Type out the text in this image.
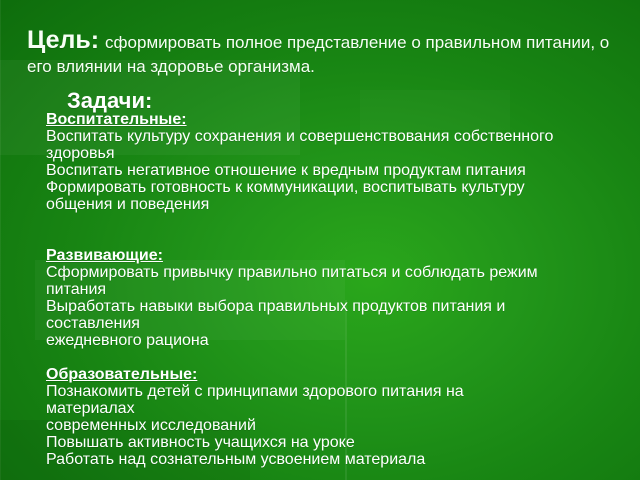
Цель: сформировать полное представление о правильном питании, о его влиянии на здоровье организма.
Задачи:
Воспитательные:
Воспитать культуру сохранения и совершенствования собственного
здоровья
Воспитать негативное отношение к вредным продуктам питания
Формировать готовность к коммуникации, воспитывать культуру
общения и поведения
Развивающие:
Сформировать привычку правильно питаться и соблюдать режим
питания
Выработать навыки выбора правильных продуктов питания и
составления
ежедневного рациона
Образовательные:
Познакомить детей с принципами здорового питания на
материалах
современных исследований
Повышать активность учащихся на уроке
Работать над сознательным усвоением материала
